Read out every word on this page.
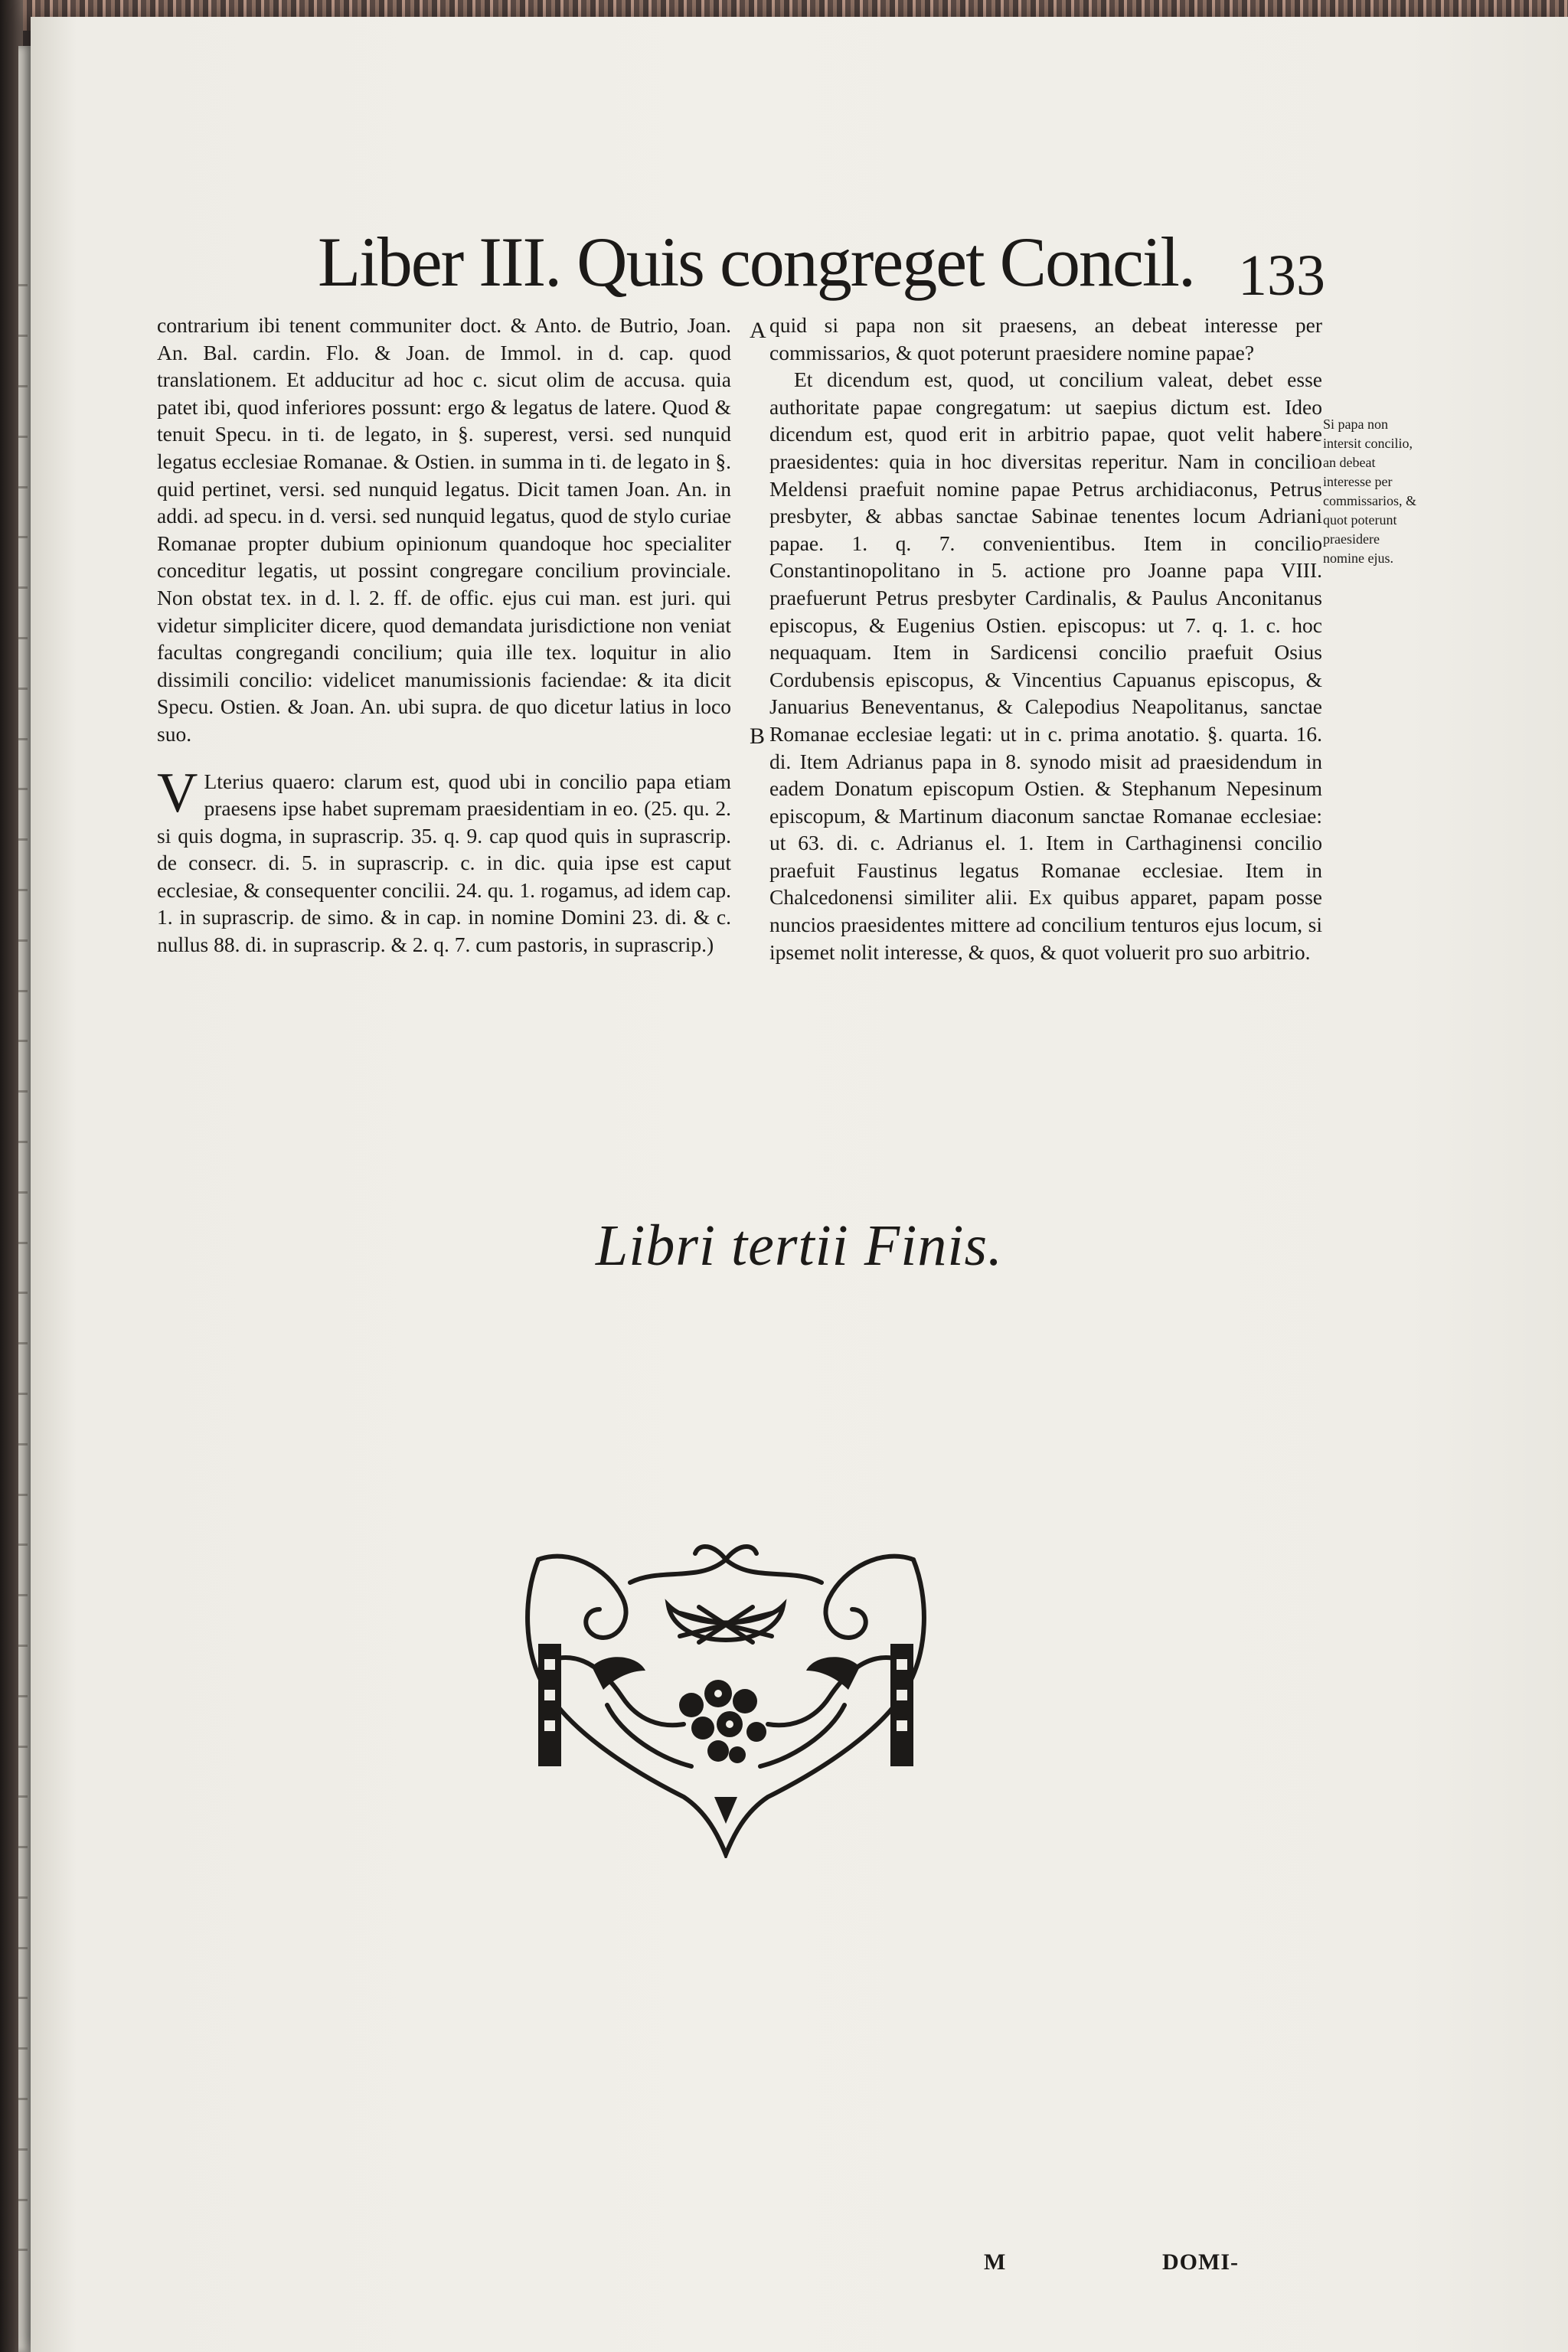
Liber III. Quis congreget Concil. 133

contrarium ibi tenent communiter doct. & Anto. de Butrio, Joan. An. Bal. cardin. Flo. & Joan. de Immol. in d. cap. quod translationem. Et adducitur ad hoc c. sicut olim de accusa. quia patet ibi, quod inferiores possunt: ergo & legatus de latere. Quod & tenuit Specu. in ti. de legato, in §. superest, versi. sed nunquid legatus ecclesiae Romanae. & Ostien. in summa in ti. de legato in §. quid pertinet, versi. sed nunquid legatus. Dicit tamen Joan. An. in addi. ad specu. in d. versi. sed nunquid legatus, quod de stylo curiae Romanae propter dubium opinionum quandoque hoc specialiter conceditur legatis, ut possint congregare concilium provinciale. Non obstat tex. in d. l. 2. ff. de offic. ejus cui man. est juri. qui videtur simpliciter dicere, quod demandata jurisdictione non veniat facultas congregandi concilium; quia ille tex. loquitur in alio dissimili concilio: videlicet manumissionis faciendae: & ita dicit Specu. Ostien. & Joan. An. ubi supra. de quo dicetur latius in loco suo.

V Lterius quaero: clarum est, quod ubi in concilio papa etiam praesens ipse habet supremam praesidentiam in eo. (25. qu. 2. si quis dogma, in suprascrip. 35. q. 9. cap quod quis in suprascrip. de consecr. di. 5. in suprascrip. c. in dic. quia ipse est caput ecclesiae, & consequenter concilii. 24. qu. 1. rogamus, ad idem cap. 1. in suprascrip. de simo. & in cap. in nomine Domini 23. di. & c. nullus 88. di. in suprascrip. & 2. q. 7. cum pastoris, in suprascrip.)

A
B

quid si papa non sit praesens, an debeat interesse per commissarios, & quot poterunt praesidere nomine papae?

Et dicendum est, quod, ut concilium valeat, debet esse authoritate papae congregatum: ut saepius dictum est. Ideo dicendum est, quod erit in arbitrio papae, quot velit habere praesidentes: quia in hoc diversitas reperitur. Nam in concilio Meldensi praefuit nomine papae Petrus archidiaconus, Petrus presbyter, & abbas sanctae Sabinae tenentes locum Adriani papae. 1. q. 7. convenientibus. Item in concilio Constantinopolitano in 5. actione pro Joanne papa VIII. praefuerunt Petrus presbyter Cardinalis, & Paulus Anconitanus episcopus, & Eugenius Ostien. episcopus: ut 7. q. 1. c. hoc nequaquam. Item in Sardicensi concilio praefuit Osius Cordubensis episcopus, & Vincentius Capuanus episcopus, & Januarius Beneventanus, & Calepodius Neapolitanus, sanctae Romanae ecclesiae legati: ut in c. prima anotatio. §. quarta. 16. di. Item Adrianus papa in 8. synodo misit ad praesidendum in eadem Donatum episcopum Ostien. & Stephanum Nepesinum episcopum, & Martinum diaconum sanctae Romanae ecclesiae: ut 63. di. c. Adrianus el. 1. Item in Carthaginensi concilio praefuit Faustinus legatus Romanae ecclesiae. Item in Chalcedonensi similiter alii. Ex quibus apparet, papam posse nuncios praesidentes mittere ad concilium tenturos ejus locum, si ipsemet nolit interesse, & quos, & quot voluerit pro suo arbitrio.

Si papa non intersit concilio, an debeat interesse per commissarios, & quot poterunt praesidere nomine ejus.
Libri tertii Finis.
M	DOMI-
